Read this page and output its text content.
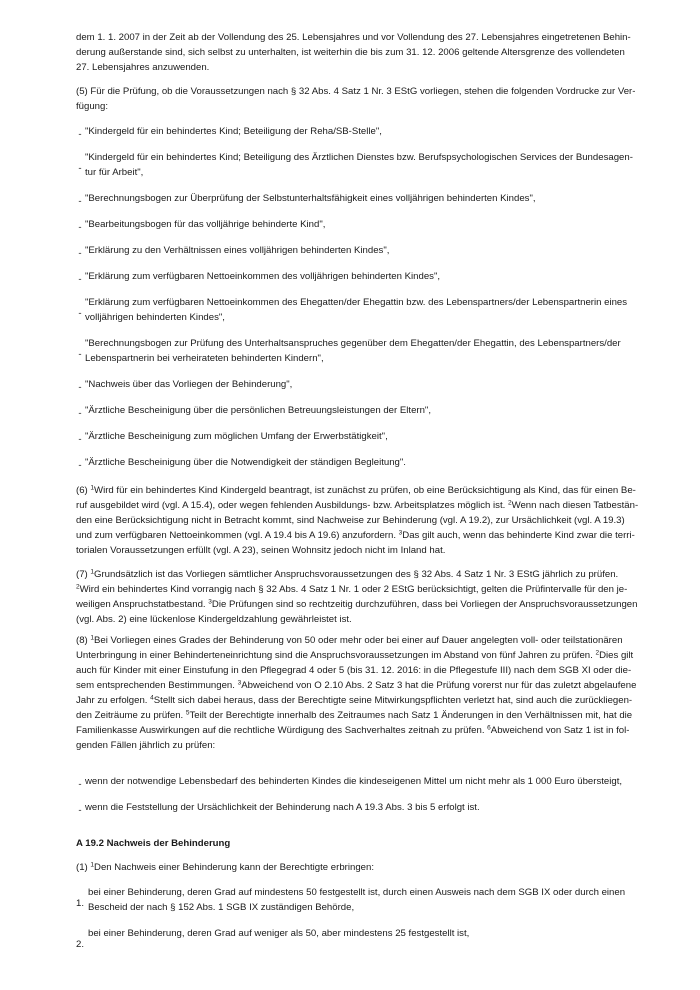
dem 1. 1. 2007 in der Zeit ab der Vollendung des 25. Lebensjahres und vor Vollendung des 27. Lebensjahres eingetretenen Behin-
derung außerstande sind, sich selbst zu unterhalten, ist weiterhin die bis zum 31. 12. 2006 geltende Altersgrenze des vollendeten
27. Lebensjahres anzuwenden.

(5) Für die Prüfung, ob die Voraussetzungen nach § 32 Abs. 4 Satz 1 Nr. 3 EStG vorliegen, stehen die folgenden Vordrucke zur Ver-
fügung:

- "Kindergeld für ein behindertes Kind; Beteiligung der Reha/SB-Stelle",
-
"Kindergeld für ein behindertes Kind; Beteiligung des Ärztlichen Dienstes bzw. Berufspsychologischen Services der Bundesagen-
tur für Arbeit",
- "Berechnungsbogen zur Überprüfung der Selbstunterhaltsfähigkeit eines volljährigen behinderten Kindes",
- "Bearbeitungsbogen für das volljährige behinderte Kind",
- "Erklärung zu den Verhältnissen eines volljährigen behinderten Kindes",
- "Erklärung zum verfügbaren Nettoeinkommen des volljährigen behinderten Kindes",
-
"Erklärung zum verfügbaren Nettoeinkommen des Ehegatten/der Ehegattin bzw. des Lebenspartners/der Lebenspartnerin eines
volljährigen behinderten Kindes",
-
"Berechnungsbogen zur Prüfung des Unterhaltsanspruches gegenüber dem Ehegatten/der Ehegattin, des Lebenspartners/der
Lebenspartnerin bei verheirateten behinderten Kindern",
- "Nachweis über das Vorliegen der Behinderung",
- "Ärztliche Bescheinigung über die persönlichen Betreuungsleistungen der Eltern",
- "Ärztliche Bescheinigung zum möglichen Umfang der Erwerbstätigkeit",
- "Ärztliche Bescheinigung über die Notwendigkeit der ständigen Begleitung".

(6) $^1$Wird für ein behindertes Kind Kindergeld beantragt, ist zunächst zu prüfen, ob eine Berücksichtigung als Kind, das für einen Be-
ruf ausgebildet wird (vgl. A 15.4), oder wegen fehlenden Ausbildungs- bzw. Arbeitsplatzes möglich ist. $^2$Wenn nach diesen Tatbestän-
den eine Berücksichtigung nicht in Betracht kommt, sind Nachweise zur Behinderung (vgl. A 19.2), zur Ursächlichkeit (vgl. A 19.3)
und zum verfügbaren Nettoeinkommen (vgl. A 19.4 bis A 19.6) anzufordern. $^3$Das gilt auch, wenn das behinderte Kind zwar die terri-
torialen Voraussetzungen erfüllt (vgl. A 23), seinen Wohnsitz jedoch nicht im Inland hat.

(7) $^1$Grundsätzlich ist das Vorliegen sämtlicher Anspruchsvoraussetzungen des § 32 Abs. 4 Satz 1 Nr. 3 EStG jährlich zu prüfen.
$^2$Wird ein behindertes Kind vorrangig nach § 32 Abs. 4 Satz 1 Nr. 1 oder 2 EStG berücksichtigt, gelten die Prüfintervalle für den je-
weiligen Anspruchstatbestand. $^3$Die Prüfungen sind so rechtzeitig durchzuführen, dass bei Vorliegen der Anspruchsvoraussetzungen
(vgl. Abs. 2) eine lückenlose Kindergeldzahlung gewährleistet ist.

(8) $^1$Bei Vorliegen eines Grades der Behinderung von 50 oder mehr oder bei einer auf Dauer angelegten voll- oder teilstationären
Unterbringung in einer Behinderteneinrichtung sind die Anspruchsvoraussetzungen im Abstand von fünf Jahren zu prüfen. $^2$Dies gilt
auch für Kinder mit einer Einstufung in den Pflegegrad 4 oder 5 (bis 31. 12. 2016: in die Pflegestufe III) nach dem SGB XI oder die-
sem entsprechenden Bestimmungen. $^3$Abweichend von O 2.10 Abs. 2 Satz 3 hat die Prüfung vorerst nur für das zuletzt abgelaufene
Jahr zu erfolgen. $^4$Stellt sich dabei heraus, dass der Berechtigte seine Mitwirkungspflichten verletzt hat, sind auch die zurückliegen-
den Zeiträume zu prüfen. $^5$Teilt der Berechtigte innerhalb des Zeitraumes nach Satz 1 Änderungen in den Verhältnissen mit, hat die
Familienkasse Auswirkungen auf die rechtliche Würdigung des Sachverhaltes zeitnah zu prüfen. $^6$Abweichend von Satz 1 ist in fol-
genden Fällen jährlich zu prüfen:

- wenn der notwendige Lebensbedarf des behinderten Kindes die kindeseigenen Mittel um nicht mehr als 1 000 Euro übersteigt,
- wenn die Feststellung der Ursächlichkeit der Behinderung nach A 19.3 Abs. 3 bis 5 erfolgt ist.
A 19.2 Nachweis der Behinderung

(1) $^1$Den Nachweis einer Behinderung kann der Berechtigte erbringen:

1.
bei einer Behinderung, deren Grad auf mindestens 50 festgestellt ist, durch einen Ausweis nach dem SGB IX oder durch einen
Bescheid der nach § 152 Abs. 1 SGB IX zuständigen Behörde,
2.
bei einer Behinderung, deren Grad auf weniger als 50, aber mindestens 25 festgestellt ist,
